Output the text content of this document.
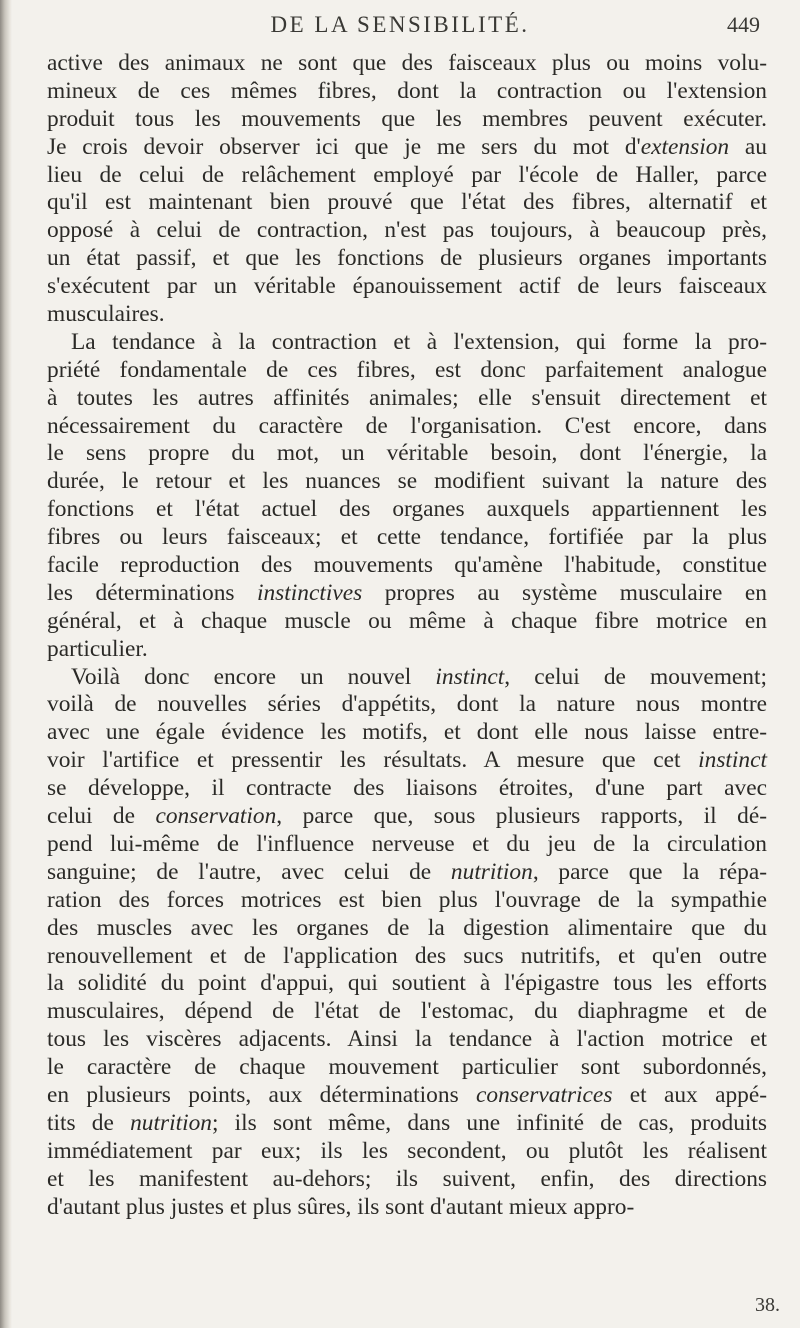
DE LA SENSIBILITÉ.	449
active des animaux ne sont que des faisceaux plus ou moins volu-
mineux de ces mêmes fibres, dont la contraction ou l'extension
produit tous les mouvements que les membres peuvent exécuter.
Je crois devoir observer ici que je me sers du mot d'extension au
lieu de celui de relâchement employé par l'école de Haller, parce
qu'il est maintenant bien prouvé que l'état des fibres, alternatif et
opposé à celui de contraction, n'est pas toujours, à beaucoup près,
un état passif, et que les fonctions de plusieurs organes importants
s'exécutent par un véritable épanouissement actif de leurs faisceaux
musculaires.
La tendance à la contraction et à l'extension, qui forme la pro-
priété fondamentale de ces fibres, est donc parfaitement analogue
à toutes les autres affinités animales; elle s'ensuit directement et
nécessairement du caractère de l'organisation. C'est encore, dans
le sens propre du mot, un véritable besoin, dont l'énergie, la
durée, le retour et les nuances se modifient suivant la nature des
fonctions et l'état actuel des organes auxquels appartiennent les
fibres ou leurs faisceaux; et cette tendance, fortifiée par la plus
facile reproduction des mouvements qu'amène l'habitude, constitue
les déterminations instinctives propres au système musculaire en
général, et à chaque muscle ou même à chaque fibre motrice en
particulier.
Voilà donc encore un nouvel instinct, celui de mouvement;
voilà de nouvelles séries d'appétits, dont la nature nous montre
avec une égale évidence les motifs, et dont elle nous laisse entre-
voir l'artifice et pressentir les résultats. A mesure que cet instinct
se développe, il contracte des liaisons étroites, d'une part avec
celui de conservation, parce que, sous plusieurs rapports, il dé-
pend lui-même de l'influence nerveuse et du jeu de la circulation
sanguine; de l'autre, avec celui de nutrition, parce que la répa-
ration des forces motrices est bien plus l'ouvrage de la sympathie
des muscles avec les organes de la digestion alimentaire que du
renouvellement et de l'application des sucs nutritifs, et qu'en outre
la solidité du point d'appui, qui soutient à l'épigastre tous les efforts
musculaires, dépend de l'état de l'estomac, du diaphragme et de
tous les viscères adjacents. Ainsi la tendance à l'action motrice et
le caractère de chaque mouvement particulier sont subordonnés,
en plusieurs points, aux déterminations conservatrices et aux appé-
tits de nutrition; ils sont même, dans une infinité de cas, produits
immédiatement par eux; ils les secondent, ou plutôt les réalisent
et les manifestent au-dehors; ils suivent, enfin, des directions
d'autant plus justes et plus sûres, ils sont d'autant mieux appro-
38.
